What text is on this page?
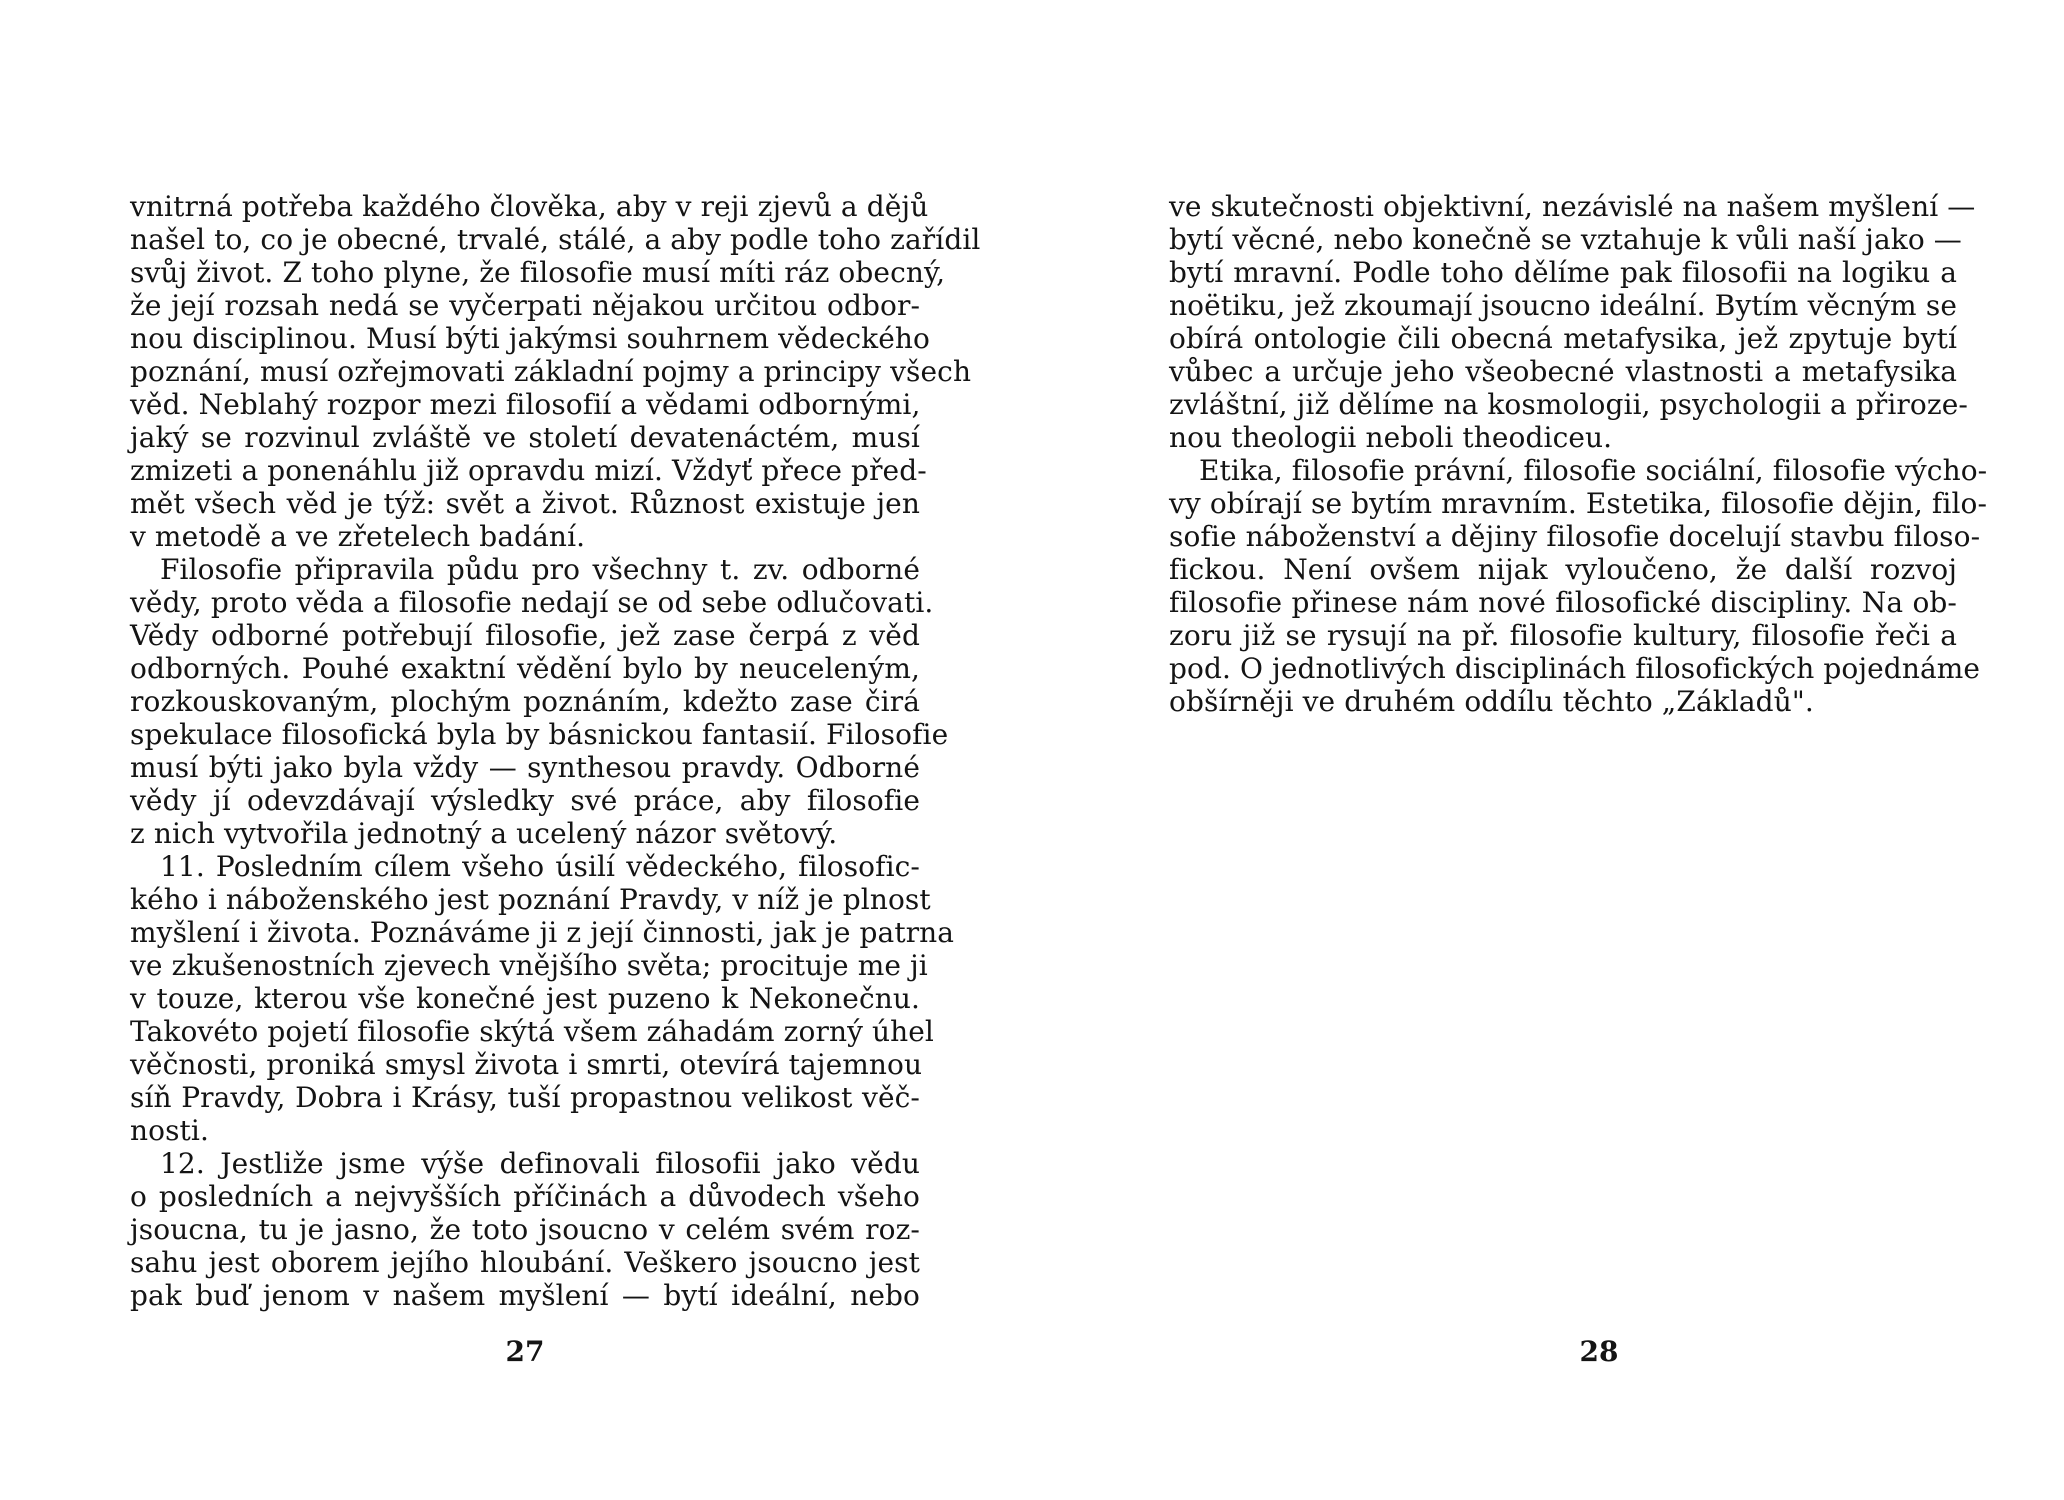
vnitrná potřeba každého člověka, aby v reji zjevů a dějů
našel to, co je obecné, trvalé, stálé, a aby podle toho zařídil
svůj život. Z toho plyne, že filosofie musí míti ráz obecný,
že její rozsah nedá se vyčerpati nějakou určitou odbor-
nou disciplinou. Musí býti jakýmsi souhrnem vědeckého
poznání, musí ozřejmovati základní pojmy a principy všech
věd. Neblahý rozpor mezi filosofií a vědami odbornými,
jaký se rozvinul zvláště ve století devatenáctém, musí
zmizeti a ponenáhlu již opravdu mizí. Vždyť přece před-
mět všech věd je týž: svět a život. Různost existuje jen
v metodě a ve zřetelech badání.
Filosofie připravila půdu pro všechny t. zv. odborné
vědy, proto věda a filosofie nedají se od sebe odlučovati.
Vědy odborné potřebují filosofie, jež zase čerpá z věd
odborných. Pouhé exaktní vědění bylo by neuceleným,
rozkouskovaným, plochým poznáním, kdežto zase čirá
spekulace filosofická byla by básnickou fantasií. Filosofie
musí býti jako byla vždy — synthesou pravdy. Odborné
vědy jí odevzdávají výsledky své práce, aby filosofie
z nich vytvořila jednotný a ucelený názor světový.
11. Posledním cílem všeho úsilí vědeckého, filosofic-
kého i náboženského jest poznání Pravdy, v níž je plnost
myšlení i života. Poznáváme ji z její činnosti, jak je patrna
ve zkušenostních zjevech vnějšího světa; procituje me ji
v touze, kterou vše konečné jest puzeno k Nekonečnu.
Takovéto pojetí filosofie skýtá všem záhadám zorný úhel
věčnosti, proniká smysl života i smrti, otevírá tajemnou
síň Pravdy, Dobra i Krásy, tuší propastnou velikost věč-
nosti.
12. Jestliže jsme výše definovali filosofii jako vědu
o posledních a nejvyšších příčinách a důvodech všeho
jsoucna, tu je jasno, že toto jsoucno v celém svém roz-
sahu jest oborem jejího hloubání. Veškero jsoucno jest
pak buď jenom v našem myšlení — bytí ideální, nebo
27
ve skutečnosti objektivní, nezávislé na našem myšlení —
bytí věcné, nebo konečně se vztahuje k vůli naší jako —
bytí mravní. Podle toho dělíme pak filosofii na logiku a
noëtiku, jež zkoumají jsoucno ideální. Bytím věcným se
obírá ontologie čili obecná metafysika, jež zpytuje bytí
vůbec a určuje jeho všeobecné vlastnosti a metafysika
zvláštní, již dělíme na kosmologii, psychologii a přiroze-
nou theologii neboli theodiceu.
Etika, filosofie právní, filosofie sociální, filosofie výcho-
vy obírají se bytím mravním. Estetika, filosofie dějin, filo-
sofie náboženství a dějiny filosofie docelují stavbu filoso-
fickou. Není ovšem nijak vyloučeno, že další rozvoj
filosofie přinese nám nové filosofické discipliny. Na ob-
zoru již se rysují na př. filosofie kultury, filosofie řeči a
pod. O jednotlivých disciplinách filosofických pojednáme
obšírněji ve druhém oddílu těchto „Základů".
28
